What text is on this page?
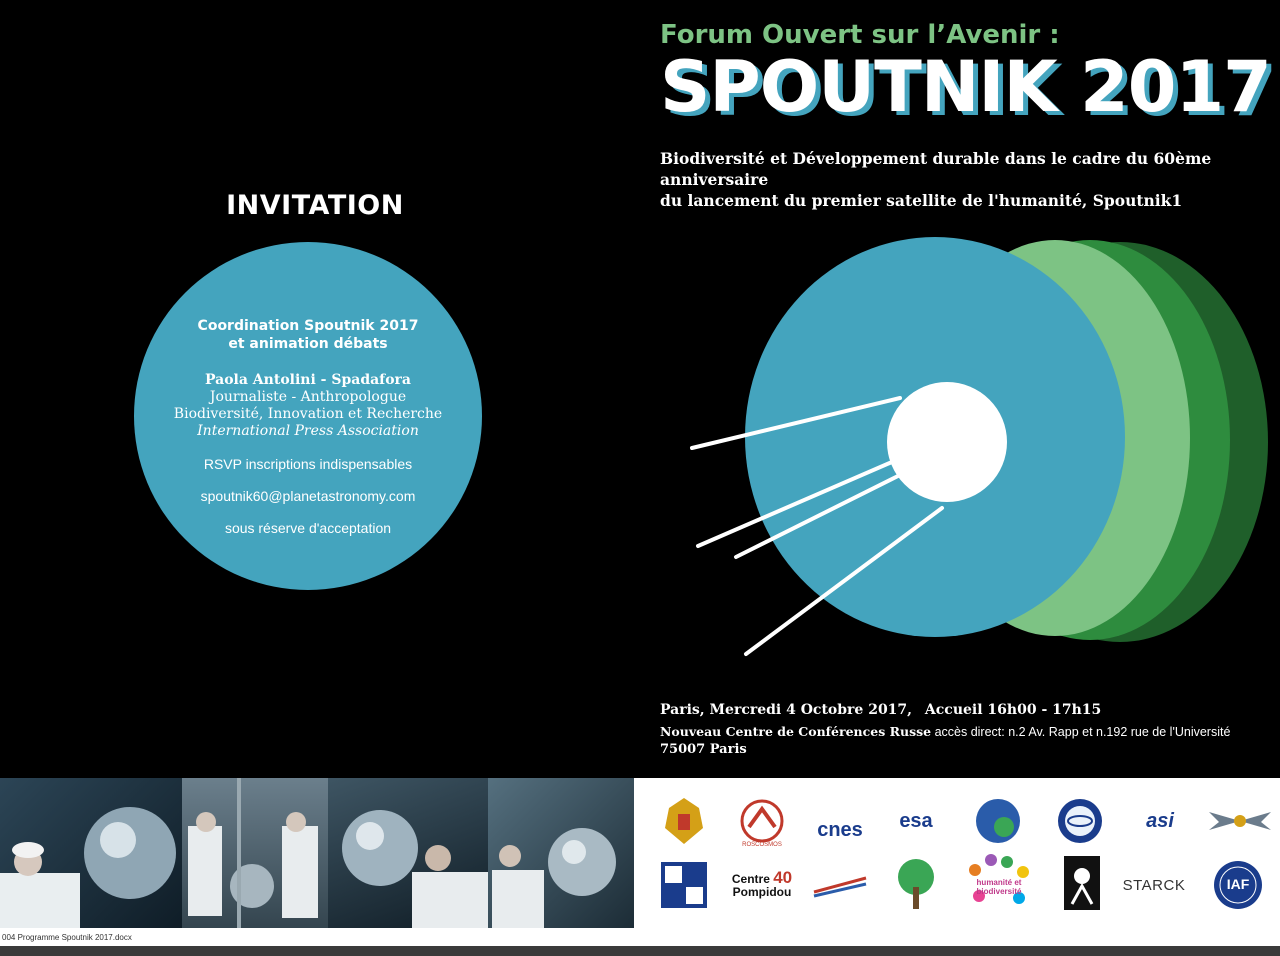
INVITATION
Coordination Spoutnik 2017
et animation débats
Paola Antolini - Spadafora
Journaliste - Anthropologue
Biodiversité, Innovation et Recherche
International Press Association
RSVP inscriptions indispensables
spoutnik60@planetastronomy.com
sous réserve d'acceptation
Forum Ouvert sur l’Avenir :
SPOUTNIK 2017
Biodiversité et Développement durable dans le cadre du 60ème anniversaire
du lancement du premier satellite de l'humanité, Spoutnik1
Paris, Mercredi 4 Octobre 2017, Accueil 16h00 - 17h15
Nouveau Centre de Conférences Russe accès direct: n.2 Av. Rapp et n.192 rue de l'Université
75007 Paris
ROSCOSMOS
cnes esa	asi
Centre 40
Pompidou
humanité et biodiversité	STARCK	IAF
004 Programme Spoutnik 2017.docx
